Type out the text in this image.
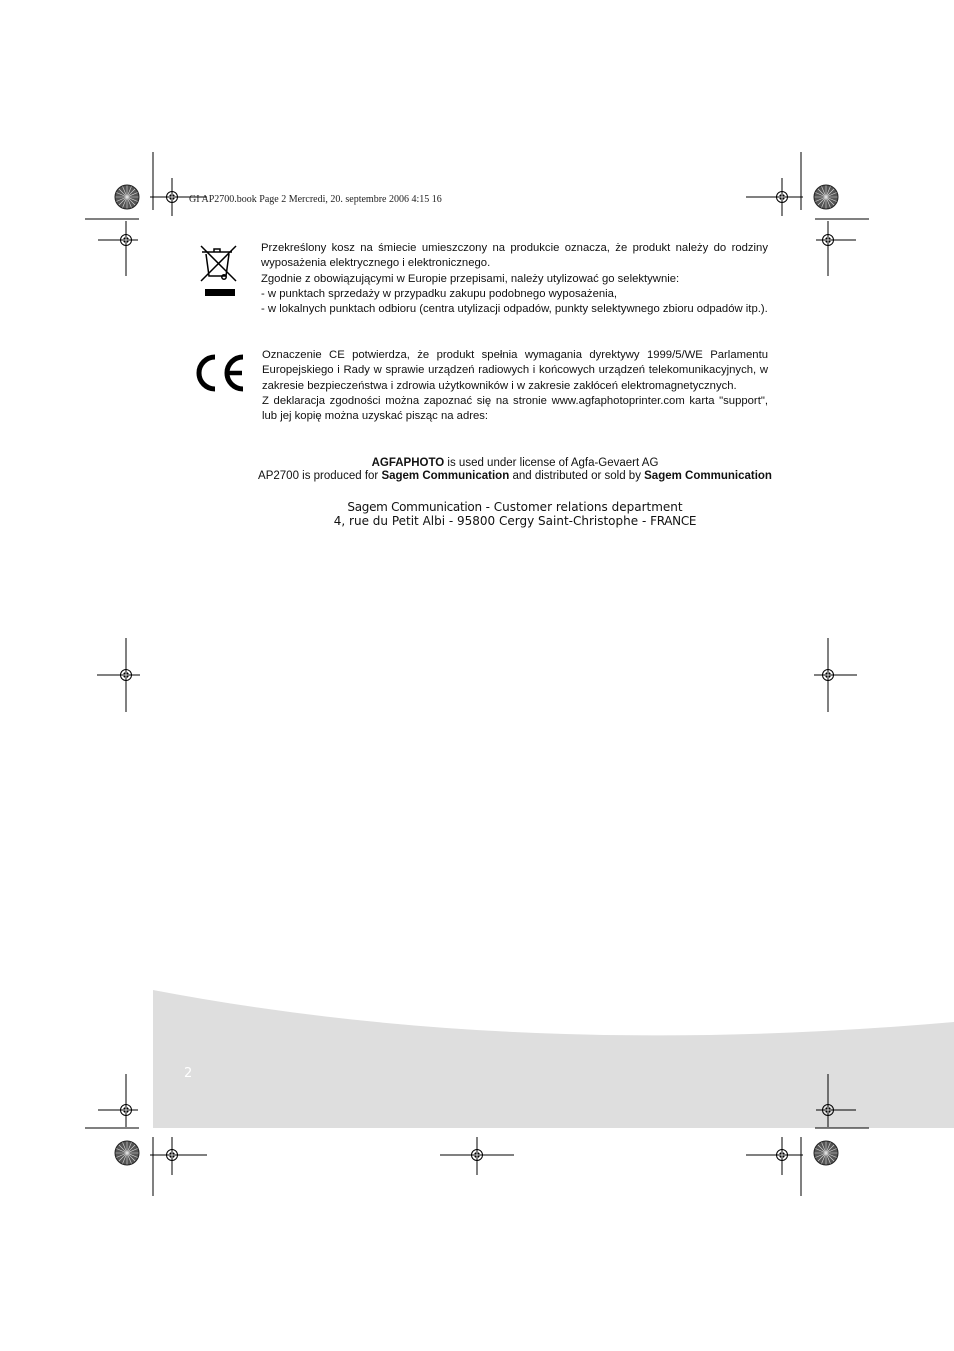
GI AP2700.book Page 2 Mercredi, 20. septembre 2006 4:15 16
Przekreślony kosz na śmiecie umieszczony na produkcie oznacza, że produkt należy do rodziny wyposażenia elektrycznego i elektronicznego.
Zgodnie z obowiązującymi w Europie przepisami, należy utylizować go selektywnie:
- w punktach sprzedaży w przypadku zakupu podobnego wyposażenia,
- w lokalnych punktach odbioru (centra utylizacji odpadów, punkty selektywnego zbioru odpadów itp.).
Oznaczenie CE potwierdza, że produkt spełnia wymagania dyrektywy 1999/5/WE Parlamentu Europejskiego i Rady w sprawie urządzeń radiowych i końcowych urządzeń telekomunikacyjnych, w zakresie bezpieczeństwa i zdrowia użytkowników i w zakresie zakłóceń elektromagnetycznych.
Z deklaracja zgodności można zapoznać się na stronie www.agfaphotoprinter.com karta "support", lub jej kopię można uzyskać pisząc na adres:
AGFAPHOTO is used under license of Agfa-Gevaert AG
AP2700 is produced for Sagem Communication and distributed or sold by Sagem Communication
Sagem Communication - Customer relations department
4, rue du Petit Albi - 95800 Cergy Saint-Christophe - FRANCE
2
